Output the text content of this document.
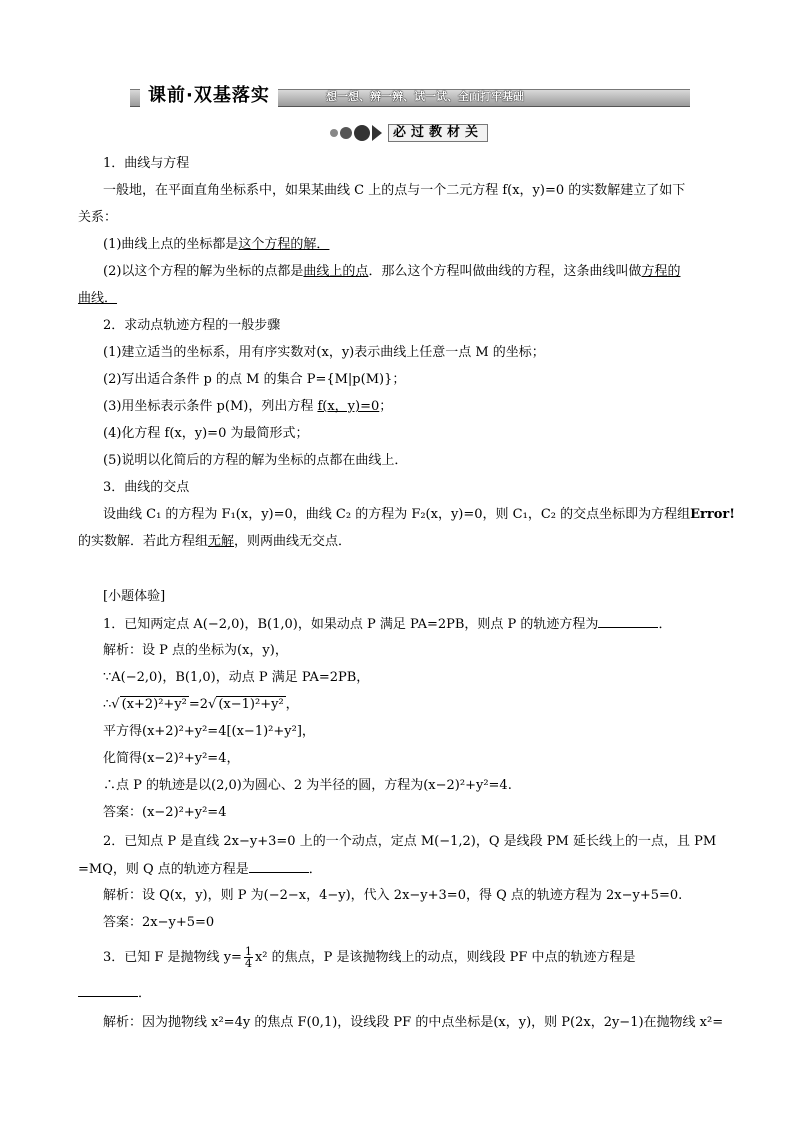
课前·双基落实	想一想、辨一辨、试一试、全面打牢基础
必过教材关
1．曲线与方程
一般地，在平面直角坐标系中，如果某曲线 C 上的点与一个二元方程 f(x，y)=0 的实数解建立了如下
关系：
(1)曲线上点的坐标都是这个方程的解．
(2)以这个方程的解为坐标的点都是曲线上的点．那么这个方程叫做曲线的方程，这条曲线叫做方程的
曲线．
2．求动点轨迹方程的一般步骤
(1)建立适当的坐标系，用有序实数对(x，y)表示曲线上任意一点 M 的坐标；
(2)写出适合条件 p 的点 M 的集合 P={M|p(M)}；
(3)用坐标表示条件 p(M)，列出方程 f(x，y)=0；
(4)化方程 f(x，y)=0 为最简形式；
(5)说明以化简后的方程的解为坐标的点都在曲线上．
3．曲线的交点
设曲线 C₁ 的方程为 F₁(x，y)=0，曲线 C₂ 的方程为 F₂(x，y)=0，则 C₁，C₂ 的交点坐标即为方程组Error!
的实数解．若此方程组无解，则两曲线无交点．
[小题体验]
1．已知两定点 A(−2,0)，B(1,0)，如果动点 P 满足 PA=2PB，则点 P 的轨迹方程为	．
解析：设 P 点的坐标为(x，y)，
∵A(−2,0)，B(1,0)，动点 P 满足 PA=2PB，
∴√ (x+2)²+y² =2√ (x−1)²+y² ，
平方得(x+2)²+y²=4[(x−1)²+y²]，
化简得(x−2)²+y²=4，
∴点 P 的轨迹是以(2,0)为圆心、2 为半径的圆，方程为(x−2)²+y²=4.
答案：(x−2)²+y²=4
2．已知点 P 是直线 2x−y+3=0 上的一个动点，定点 M(−1,2)，Q 是线段 PM 延长线上的一点，且 PM
=MQ，则 Q 点的轨迹方程是	．
解析：设 Q(x，y)，则 P 为(−2−x，4−y)，代入 2x−y+3=0，得 Q 点的轨迹方程为 2x−y+5=0.
答案：2x−y+5=0
3．已知 F 是抛物线 $y= \frac{1}{4} x^2$ 的焦点，P 是该抛物线上的动点，则线段 PF 中点的轨迹方程是
．
解析：因为抛物线 x²=4y 的焦点 F(0,1)，设线段 PF 的中点坐标是(x，y)，则 P(2x，2y−1)在抛物线 x²=
